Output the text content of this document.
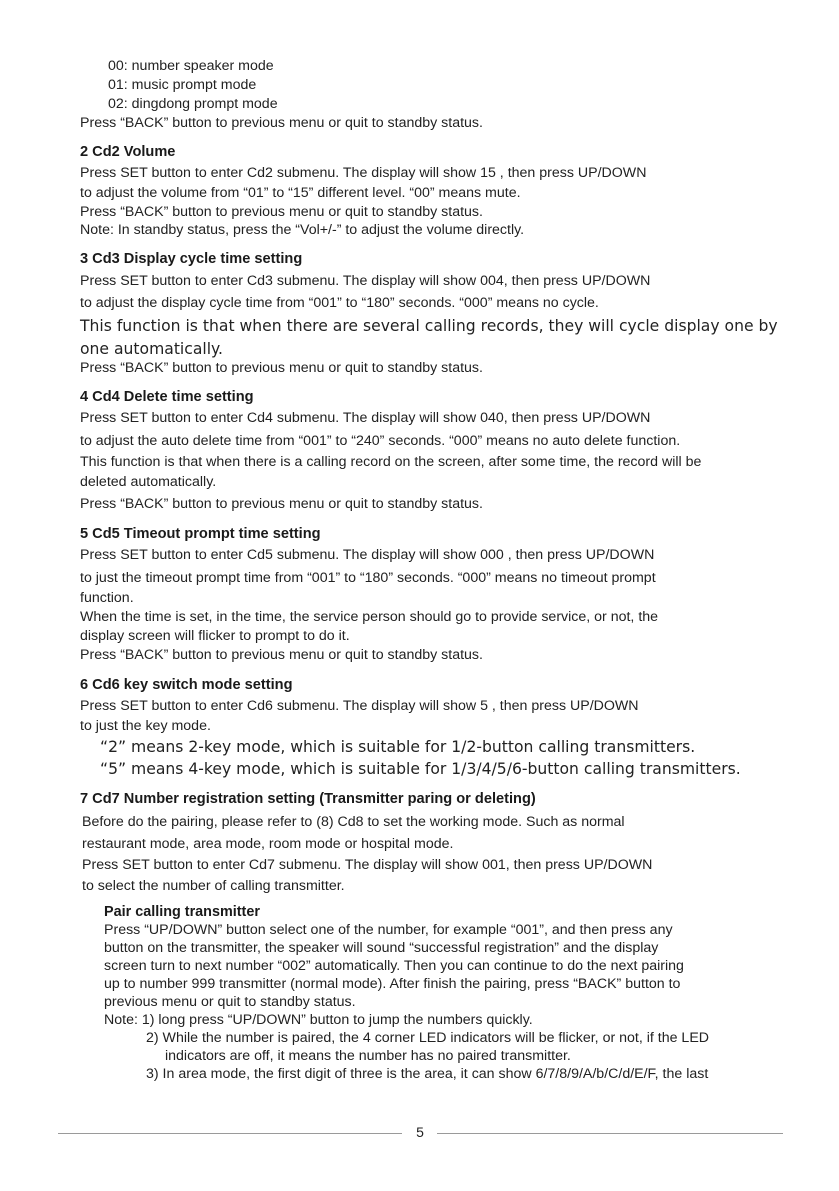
00: number speaker mode
01: music prompt mode
02: dingdong prompt mode
Press “BACK” button to previous menu or quit to standby status.
2 Cd2 Volume
Press SET button to enter Cd2 submenu. The display will show 15 , then press UP/DOWN
to adjust the volume from “01” to “15” different level. “00” means mute.
Press “BACK” button to previous menu or quit to standby status.
Note: In standby status, press the “Vol+/-” to adjust the volume directly.
3 Cd3 Display cycle time setting
Press SET button to enter Cd3 submenu. The display will show 004, then press UP/DOWN
to adjust the display cycle time from “001” to “180” seconds. “000” means no cycle.
This function is that when there are several calling records, they will cycle display one by
one automatically.
Press “BACK” button to previous menu or quit to standby status.
4 Cd4 Delete time setting
Press SET button to enter Cd4 submenu. The display will show 040, then press UP/DOWN
to adjust the auto delete time from “001” to “240” seconds. “000” means no auto delete function.
This function is that when there is a calling record on the screen, after some time, the record will be
deleted automatically.
Press “BACK” button to previous menu or quit to standby status.
5 Cd5 Timeout prompt time setting
Press SET button to enter Cd5 submenu. The display will show 000 , then press UP/DOWN
to just the timeout prompt time from “001” to “180” seconds. “000” means no timeout prompt
function.
When the time is set, in the time, the service person should go to provide service, or not, the
display screen will flicker to prompt to do it.
Press “BACK” button to previous menu or quit to standby status.
6 Cd6 key switch mode setting
Press SET button to enter Cd6 submenu. The display will show 5 , then press UP/DOWN
to just the key mode.
“2” means 2-key mode, which is suitable for 1/2-button calling transmitters.
“5” means 4-key mode, which is suitable for 1/3/4/5/6-button calling transmitters.
7 Cd7 Number registration setting (Transmitter paring or deleting)
Before do the pairing, please refer to (8) Cd8 to set the working mode. Such as normal
restaurant mode, area mode, room mode or hospital mode.
Press SET button to enter Cd7 submenu. The display will show 001, then press UP/DOWN
to select the number of calling transmitter.
Pair calling transmitter
Press “UP/DOWN” button select one of the number, for example “001”, and then press any
button on the transmitter, the speaker will sound “successful registration” and the display
screen turn to next number “002” automatically. Then you can continue to do the next pairing
up to number 999 transmitter (normal mode). After finish the pairing, press “BACK” button to
previous menu or quit to standby status.
Note: 1) long press “UP/DOWN” button to jump the numbers quickly.
2) While the number is paired, the 4 corner LED indicators will be flicker, or not, if the LED
indicators are off, it means the number has no paired transmitter.
3) In area mode, the first digit of three is the area, it can show 6/7/8/9/A/b/C/d/E/F, the last
5
